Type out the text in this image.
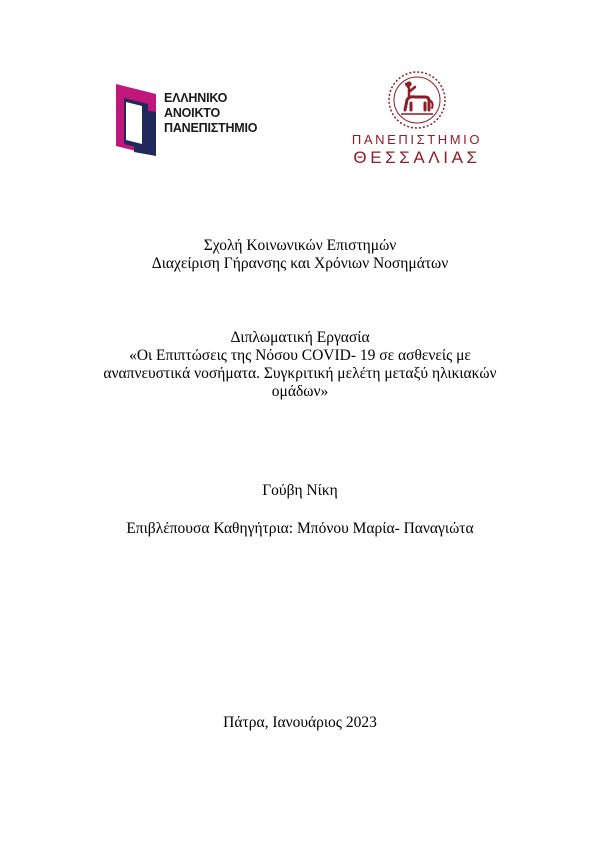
ΕΛΛΗΝΙΚΟ
ΑΝΟΙΚΤΟ
ΠΑΝΕΠΙΣΤΗΜΙΟ
ΠΑΝΕΠΙΣΤΗΜΙΟ
ΘΕΣΣΑΛΙΑΣ
Σχολή Κοινωνικών Επιστημών
Διαχείριση Γήρανσης και Χρόνιων Νοσημάτων
Διπλωματική Εργασία
«Οι Επιπτώσεις της Νόσου COVID- 19 σε ασθενείς με
αναπνευστικά νοσήματα. Συγκριτική μελέτη μεταξύ ηλικιακών
ομάδων»
Γούβη Νίκη
Επιβλέπουσα Καθηγήτρια: Μπόνου Μαρία- Παναγιώτα
Πάτρα, Ιανουάριος 2023
